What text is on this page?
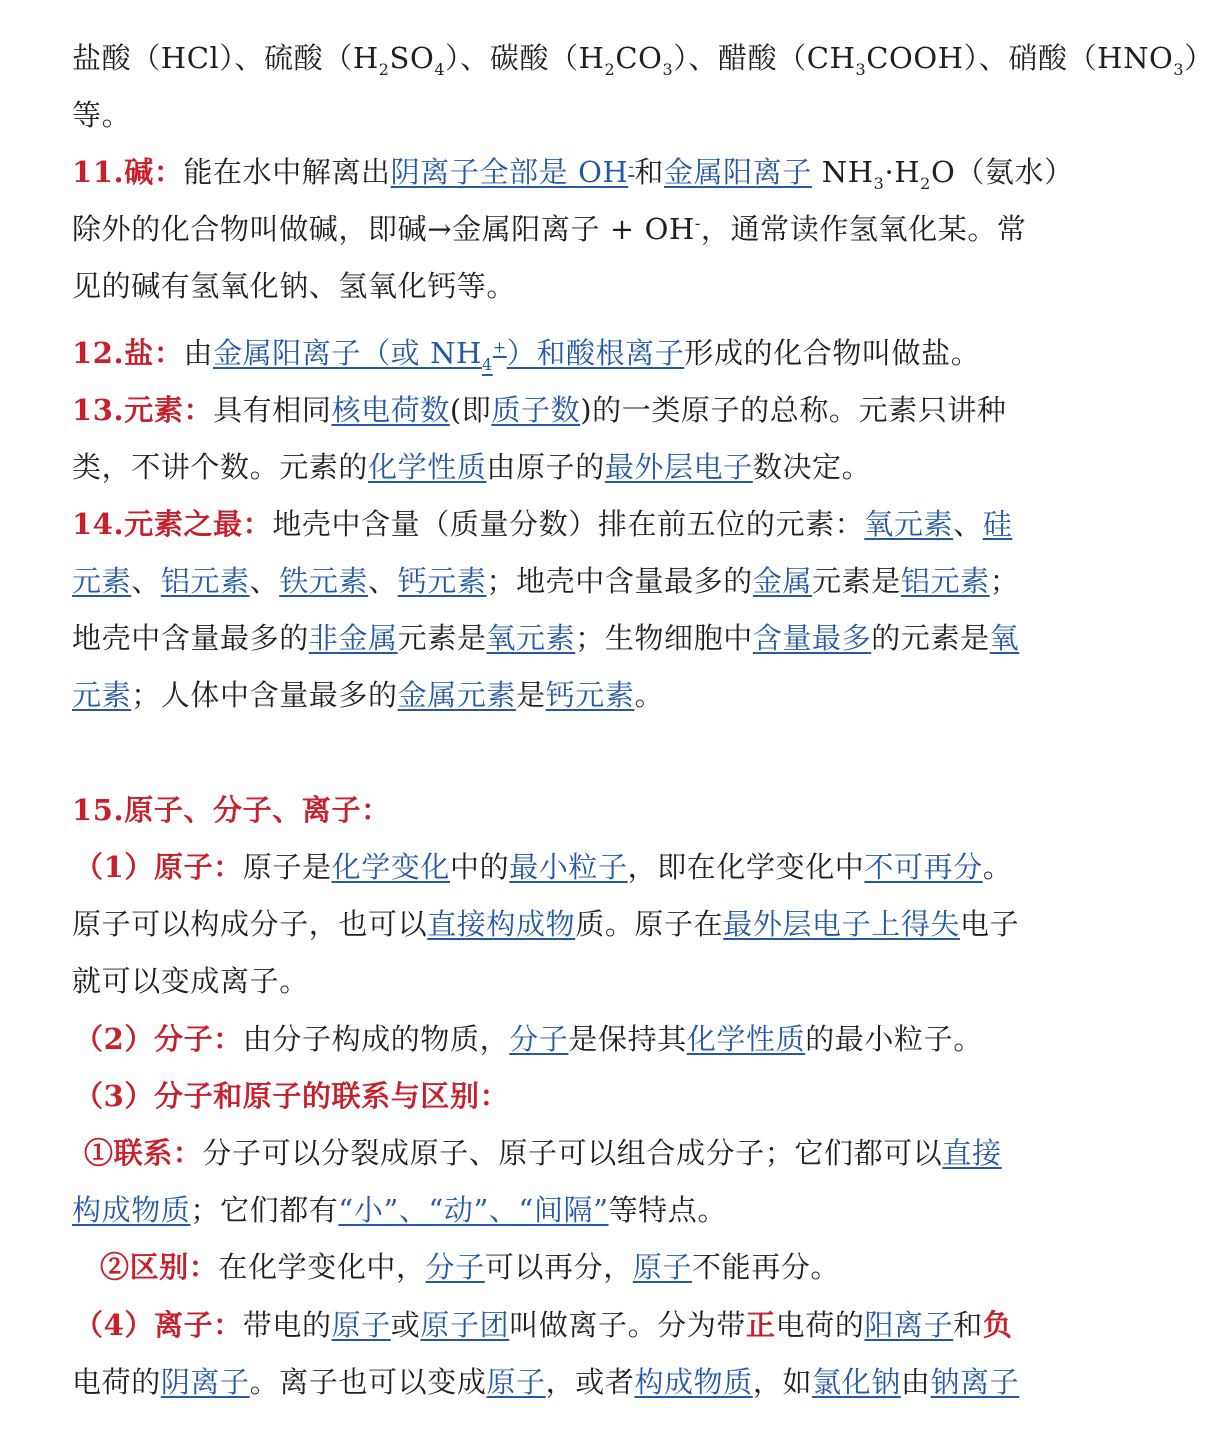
盐酸（HCl）、硫酸$(H_2SO_4)$、碳酸$(H_2CO_3)$、醋酸$(CH_3COOH)$、硝酸$(HNO_3)$
等。
11.碱：能在水中解离出阴离子全部是 OH-和金属阳离子 $NH_3\cdot H_2O$（氨水）
除外的化合物叫做碱，即碱→金属阳离子 + OH-，通常读作氢氧化某。常
见的碱有氢氧化钠、氢氧化钙等。
12.盐：由金属阳离子（或 $NH_4^+$）和酸根离子形成的化合物叫做盐。
13.元素：具有相同核电荷数(即质子数)的一类原子的总称。元素只讲种
类，不讲个数。元素的化学性质由原子的最外层电子数决定。
14.元素之最：地壳中含量（质量分数）排在前五位的元素：氧元素、硅
元素、铝元素、铁元素、钙元素；地壳中含量最多的金属元素是铝元素；
地壳中含量最多的非金属元素是氧元素；生物细胞中含量最多的元素是氧
元素；人体中含量最多的金属元素是钙元素。
15.原子、分子、离子：
（1）原子：原子是化学变化中的最小粒子，即在化学变化中不可再分。
原子可以构成分子，也可以直接构成物质。原子在最外层电子上得失电子
就可以变成离子。
（2）分子：由分子构成的物质，分子是保持其化学性质的最小粒子。
（3）分子和原子的联系与区别：
①联系：分子可以分裂成原子、原子可以组合成分子；它们都可以直接
构成物质；它们都有“小”、“动”、“间隔”等特点。
②区别：在化学变化中，分子可以再分，原子不能再分。
（4）离子：带电的原子或原子团叫做离子。分为带正电荷的阳离子和负
电荷的阴离子。离子也可以变成原子，或者构成物质，如氯化钠由钠离子
